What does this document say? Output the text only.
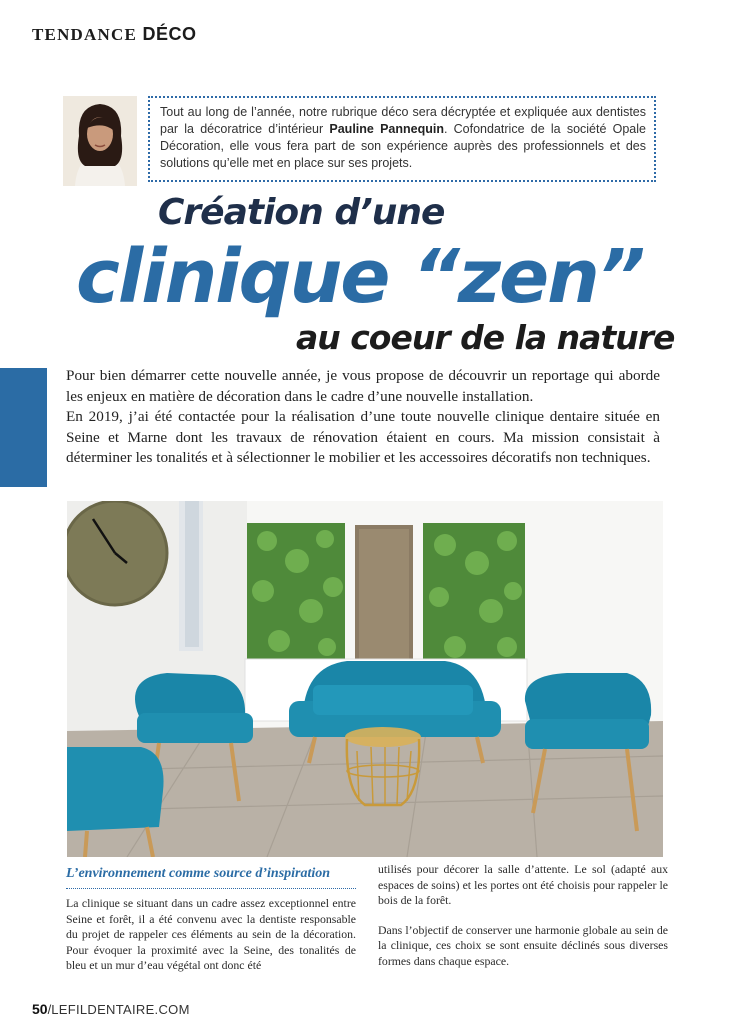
TENDANCE DÉCO
Tout au long de l’année, notre rubrique déco sera décryptée et expliquée aux dentistes par la décoratrice d’intérieur Pauline Pannequin. Cofondatrice de la société Opale Décoration, elle vous fera part de son expérience auprès des professionnels et des solutions qu’elle met en place sur ses projets.
Création d’une
clinique “zen”
au coeur de la nature

Pour bien démarrer cette nouvelle année, je vous propose de découvrir un reportage qui aborde les enjeux en matière de décoration dans le cadre d’une nouvelle installation.

En 2019, j’ai été contactée pour la réalisation d’une toute nouvelle clinique dentaire située en Seine et Marne dont les travaux de rénovation étaient en cours. Ma mission consistait à déterminer les tonalités et à sélectionner le mobilier et les accessoires décoratifs non techniques.

L’environnement comme source d’inspiration

La clinique se situant dans un cadre assez exceptionnel entre Seine et forêt, il a été convenu avec la dentiste responsable du projet de rappeler ces éléments au sein de la décoration. Pour évoquer la proximité avec la Seine, des tonalités de bleu et un mur d’eau végétal ont donc été

utilisés pour décorer la salle d’attente. Le sol (adapté aux espaces de soins) et les portes ont été choisis pour rappeler le bois de la forêt.

Dans l’objectif de conserver une harmonie globale au sein de la clinique, ces choix se sont ensuite déclinés sous diverses formes dans chaque espace.

50/LEFILDENTAIRE.COM
